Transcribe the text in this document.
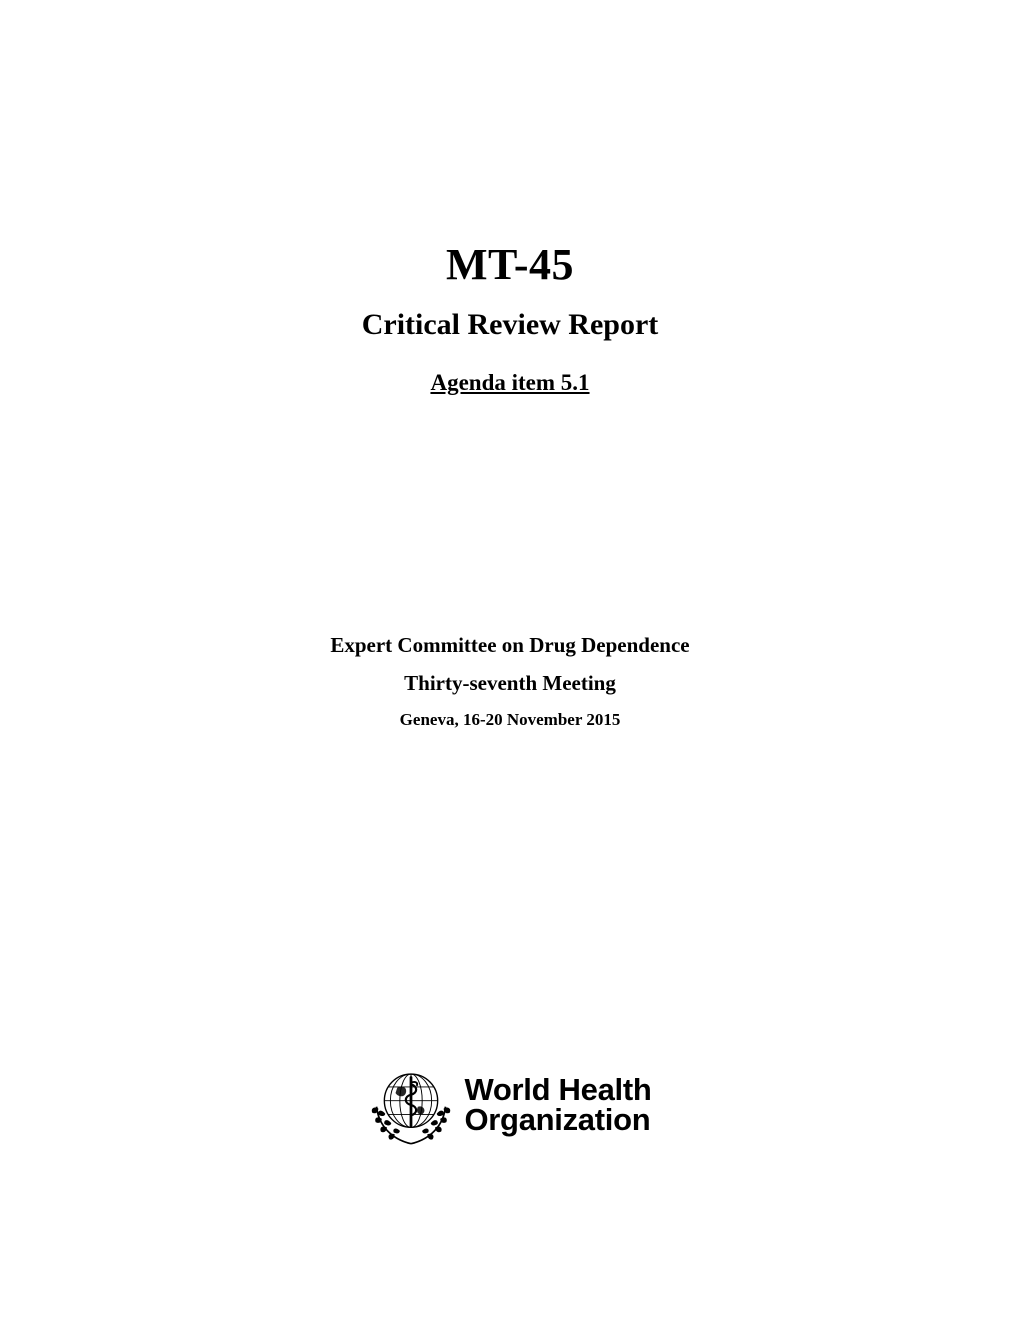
MT-45
Critical Review Report
Agenda item 5.1

Expert Committee on Drug Dependence

Thirty-seventh Meeting

Geneva, 16-20 November 2015

World Health
Organization
